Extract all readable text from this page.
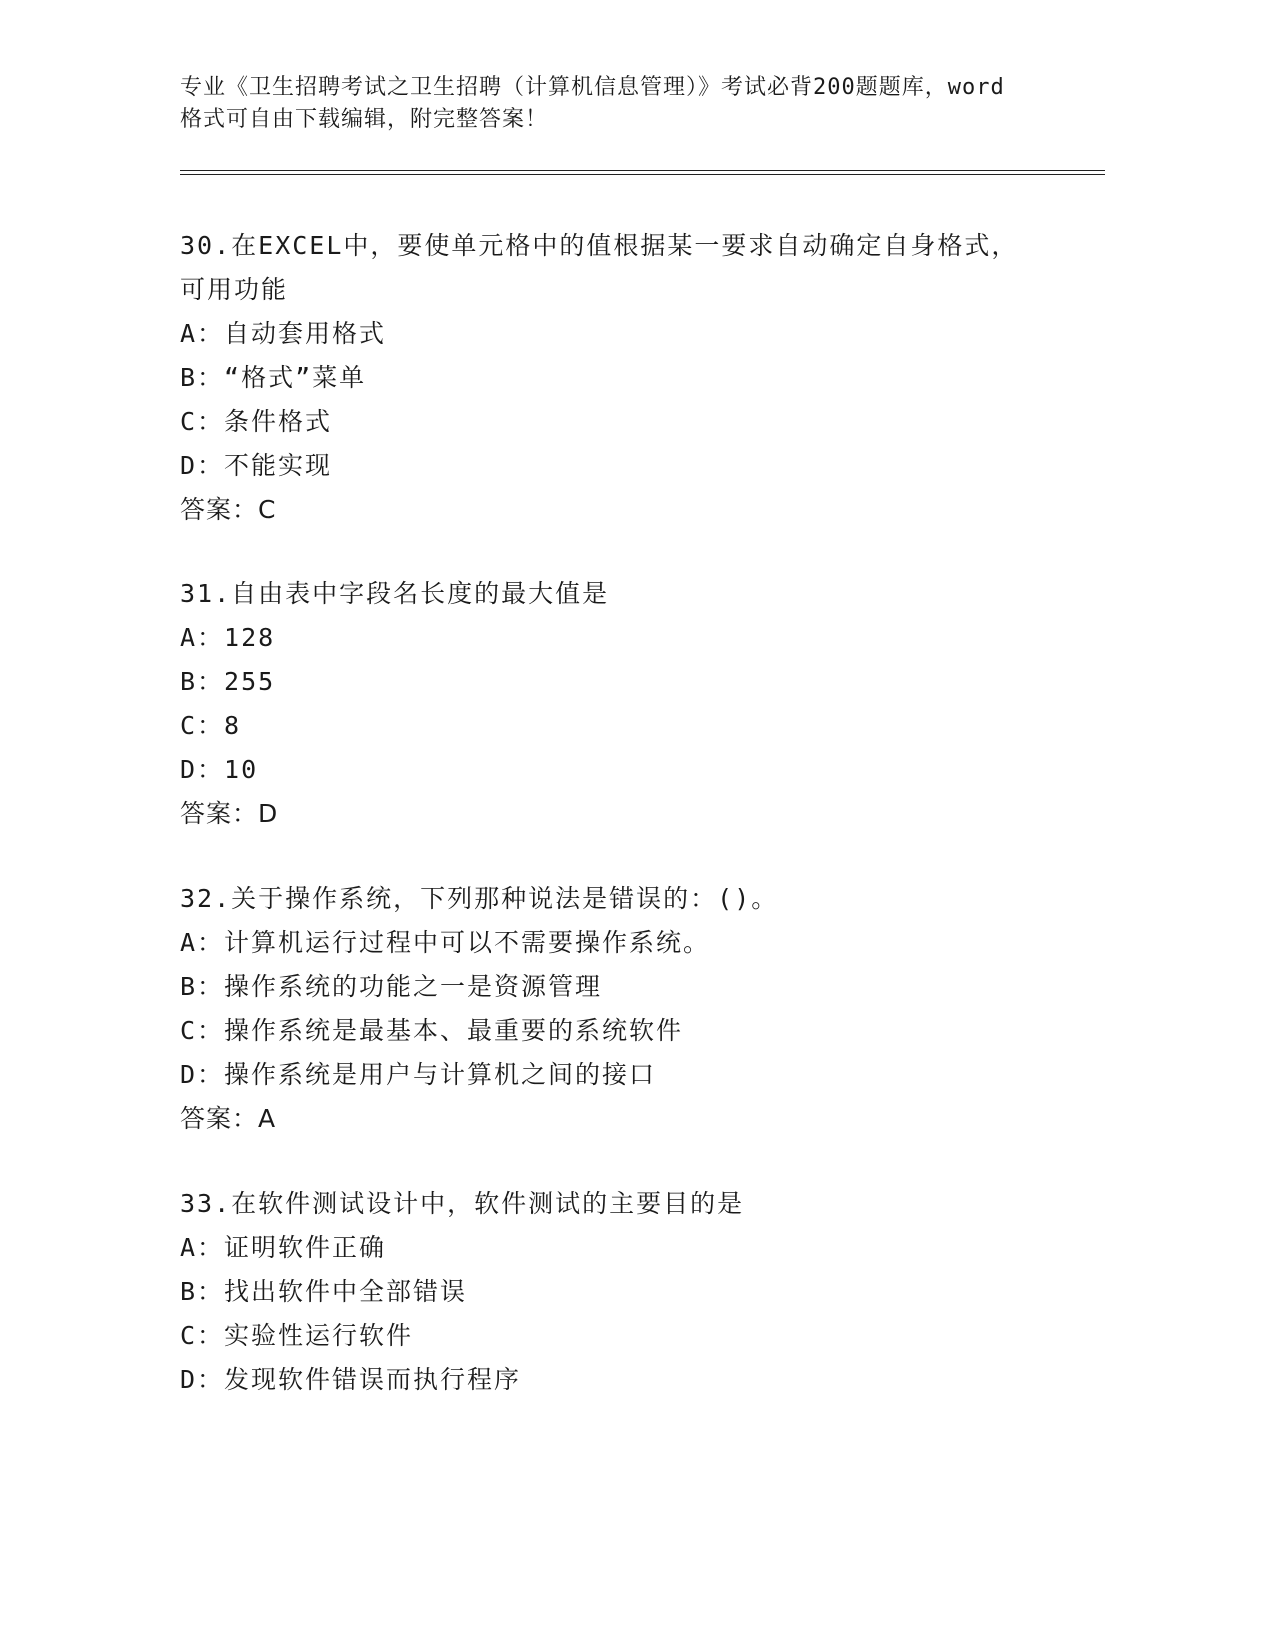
专业《卫生招聘考试之卫生招聘（计算机信息管理）》考试必背200题题库，word
格式可自由下载编辑，附完整答案！
30.在EXCEL中，要使单元格中的值根据某一要求自动确定自身格式，
可用功能
A：自动套用格式
B：“格式”菜单
C：条件格式
D：不能实现
答案：C
31.自由表中字段名长度的最大值是
A：128
B：255
C：8
D：10
答案：D
32.关于操作系统，下列那种说法是错误的：()。
A：计算机运行过程中可以不需要操作系统。
B：操作系统的功能之一是资源管理
C：操作系统是最基本、最重要的系统软件
D：操作系统是用户与计算机之间的接口
答案：A
33.在软件测试设计中，软件测试的主要目的是
A：证明软件正确
B：找出软件中全部错误
C：实验性运行软件
D：发现软件错误而执行程序
